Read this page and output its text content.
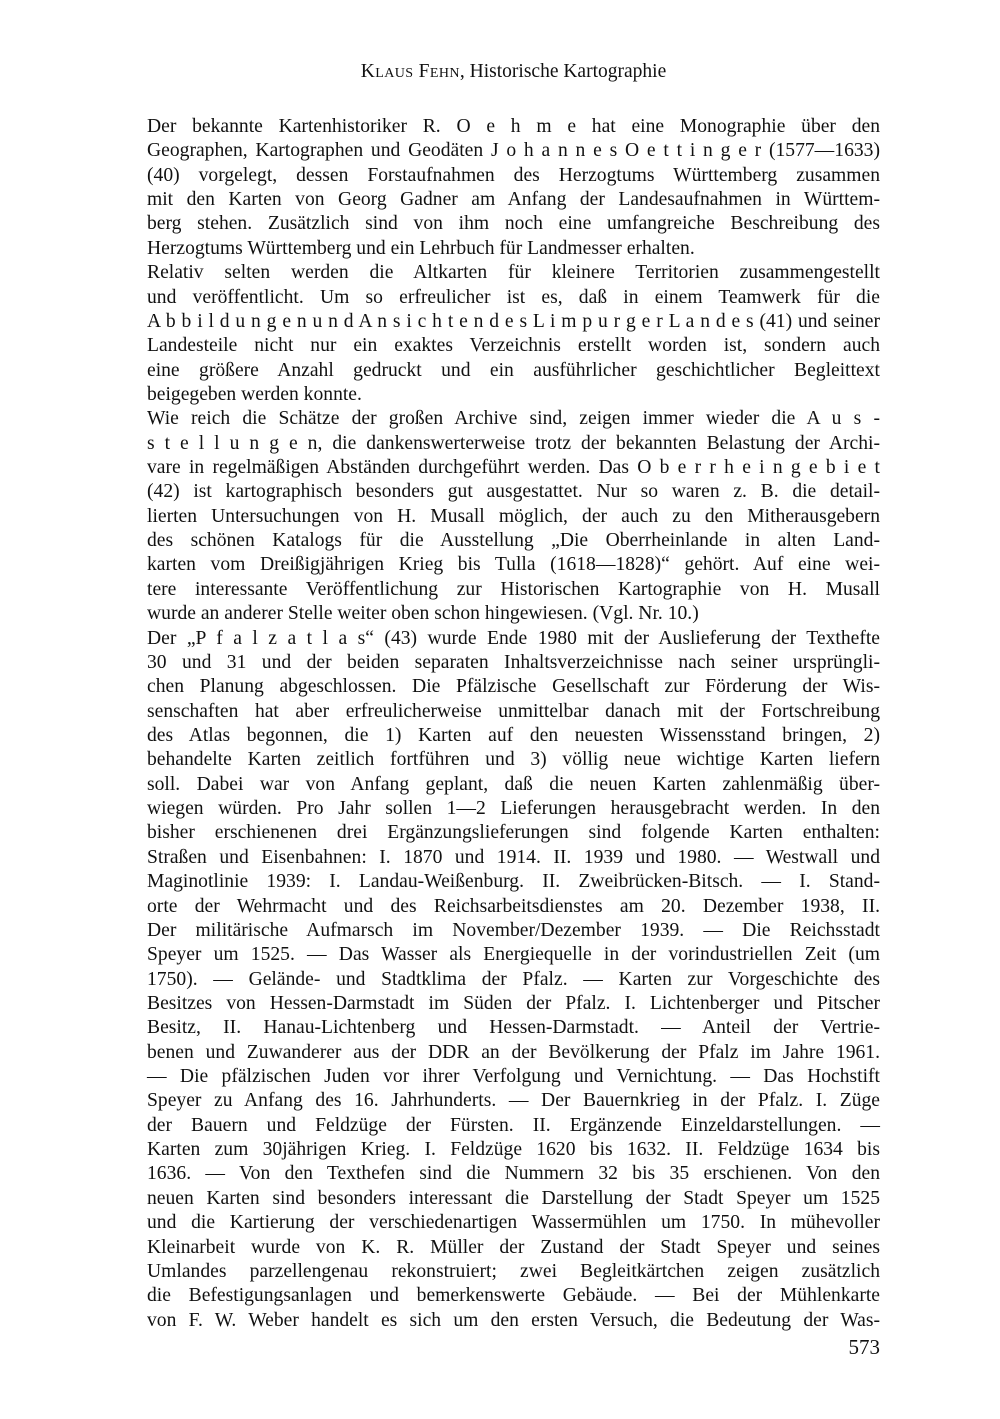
Klaus Fehn, Historische Kartographie
Der bekannte Kartenhistoriker R. O e h m e hat eine Monographie über den
Geographen, Kartographen und Geodäten J o h a n n e s O e t t i n g e r (1577—1633)
(40) vorgelegt, dessen Forstaufnahmen des Herzogtums Württemberg zusammen
mit den Karten von Georg Gadner am Anfang der Landesaufnahmen in Württem-
berg stehen. Zusätzlich sind von ihm noch eine umfangreiche Beschreibung des
Herzogtums Württemberg und ein Lehrbuch für Landmesser erhalten.
Relativ selten werden die Altkarten für kleinere Territorien zusammengestellt
und veröffentlicht. Um so erfreulicher ist es, daß in einem Teamwerk für die
A b b i l d u n g e n u n d A n s i c h t e n d e s L i m p u r g e r L a n d e s (41) und seiner
Landesteile nicht nur ein exaktes Verzeichnis erstellt worden ist, sondern auch
eine größere Anzahl gedruckt und ein ausführlicher geschichtlicher Begleittext
beigegeben werden konnte.
Wie reich die Schätze der großen Archive sind, zeigen immer wieder die A u s -
s t e l l u n g e n, die dankenswerterweise trotz der bekannten Belastung der Archi-
vare in regelmäßigen Abständen durchgeführt werden. Das O b e r r h e i n g e b i e t
(42) ist kartographisch besonders gut ausgestattet. Nur so waren z. B. die detail-
lierten Untersuchungen von H. Musall möglich, der auch zu den Mitherausgebern
des schönen Katalogs für die Ausstellung „Die Oberrheinlande in alten Land-
karten vom Dreißigjährigen Krieg bis Tulla (1618—1828)“ gehört. Auf eine wei-
tere interessante Veröffentlichung zur Historischen Kartographie von H. Musall
wurde an anderer Stelle weiter oben schon hingewiesen. (Vgl. Nr. 10.)
Der „P f a l z a t l a s“ (43) wurde Ende 1980 mit der Auslieferung der Texthefte
30 und 31 und der beiden separaten Inhaltsverzeichnisse nach seiner ursprüngli-
chen Planung abgeschlossen. Die Pfälzische Gesellschaft zur Förderung der Wis-
senschaften hat aber erfreulicherweise unmittelbar danach mit der Fortschreibung
des Atlas begonnen, die 1) Karten auf den neuesten Wissensstand bringen, 2)
behandelte Karten zeitlich fortführen und 3) völlig neue wichtige Karten liefern
soll. Dabei war von Anfang geplant, daß die neuen Karten zahlenmäßig über-
wiegen würden. Pro Jahr sollen 1—2 Lieferungen herausgebracht werden. In den
bisher erschienenen drei Ergänzungslieferungen sind folgende Karten enthalten:
Straßen und Eisenbahnen: I. 1870 und 1914. II. 1939 und 1980. — Westwall und
Maginotlinie 1939: I. Landau-Weißenburg. II. Zweibrücken-Bitsch. — I. Stand-
orte der Wehrmacht und des Reichsarbeitsdienstes am 20. Dezember 1938, II.
Der militärische Aufmarsch im November/Dezember 1939. — Die Reichsstadt
Speyer um 1525. — Das Wasser als Energiequelle in der vorindustriellen Zeit (um
1750). — Gelände- und Stadtklima der Pfalz. — Karten zur Vorgeschichte des
Besitzes von Hessen-Darmstadt im Süden der Pfalz. I. Lichtenberger und Pitscher
Besitz, II. Hanau-Lichtenberg und Hessen-Darmstadt. — Anteil der Vertrie-
benen und Zuwanderer aus der DDR an der Bevölkerung der Pfalz im Jahre 1961.
— Die pfälzischen Juden vor ihrer Verfolgung und Vernichtung. — Das Hochstift
Speyer zu Anfang des 16. Jahrhunderts. — Der Bauernkrieg in der Pfalz. I. Züge
der Bauern und Feldzüge der Fürsten. II. Ergänzende Einzeldarstellungen. —
Karten zum 30jährigen Krieg. I. Feldzüge 1620 bis 1632. II. Feldzüge 1634 bis
1636. — Von den Texthefen sind die Nummern 32 bis 35 erschienen. Von den
neuen Karten sind besonders interessant die Darstellung der Stadt Speyer um 1525
und die Kartierung der verschiedenartigen Wassermühlen um 1750. In mühevoller
Kleinarbeit wurde von K. R. Müller der Zustand der Stadt Speyer und seines
Umlandes parzellengenau rekonstruiert; zwei Begleitkärtchen zeigen zusätzlich
die Befestigungsanlagen und bemerkenswerte Gebäude. — Bei der Mühlenkarte
von F. W. Weber handelt es sich um den ersten Versuch, die Bedeutung der Was-
573
